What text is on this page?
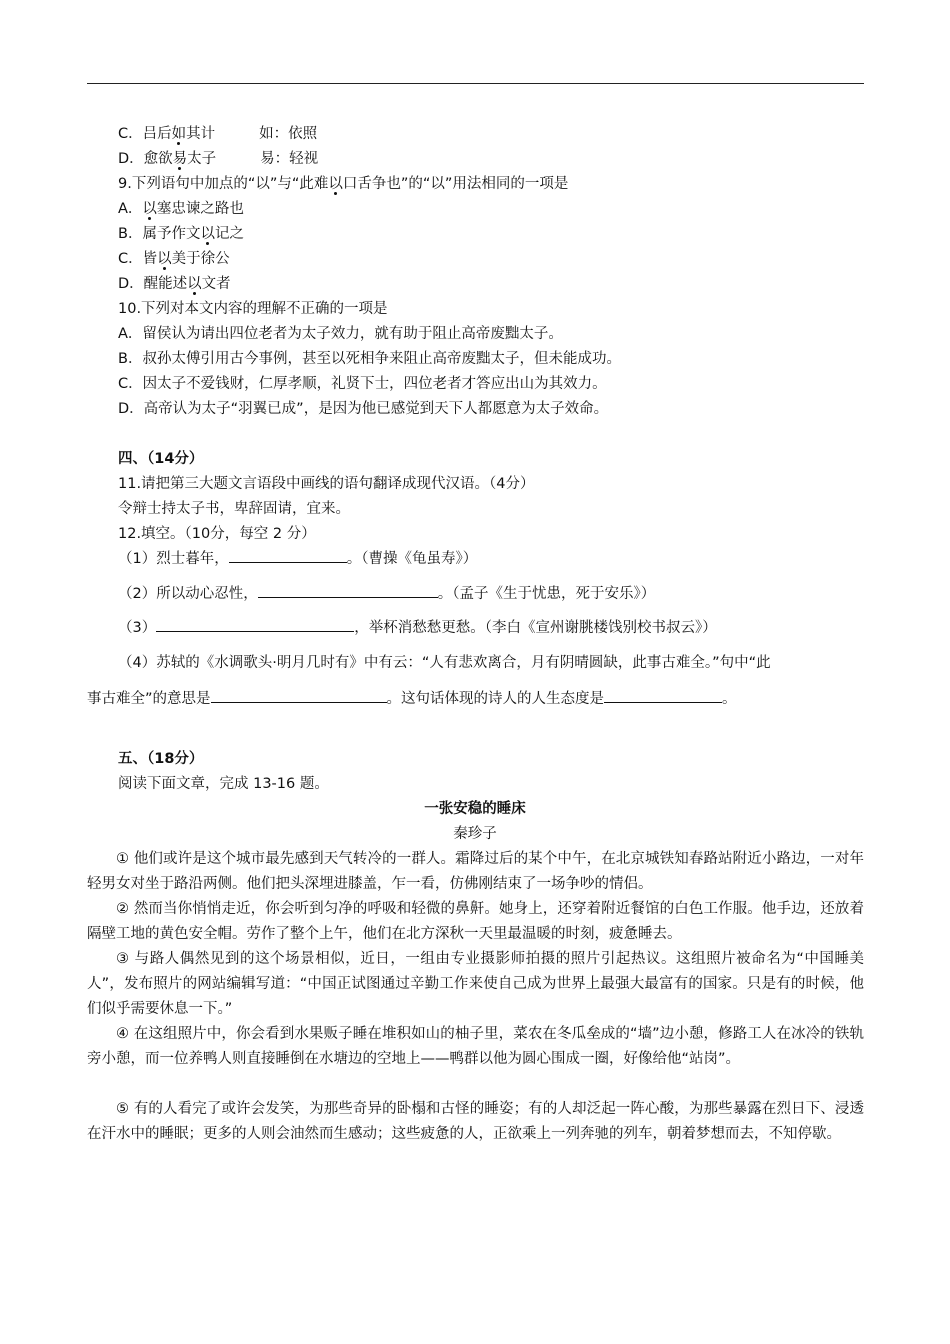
C．吕后如其计	如：依照
D．愈欲易太子	易：轻视
9.下列语句中加点的“以”与“此难以口舌争也”的“以”用法相同的一项是
A．以塞忠谏之路也
B．属予作文以记之
C．皆以美于徐公
D．醒能述以文者
10.下列对本文内容的理解不正确的一项是
A．留侯认为请出四位老者为太子效力，就有助于阻止高帝废黜太子。
B．叔孙太傅引用古今事例，甚至以死相争来阻止高帝废黜太子，但未能成功。
C．因太子不爱钱财，仁厚孝顺，礼贤下士，四位老者才答应出山为其效力。
D．高帝认为太子“羽翼已成”，是因为他已感觉到天下人都愿意为太子效命。
四、（14分）
11.请把第三大题文言语段中画线的语句翻译成现代汉语。（4分）
令辩士持太子书，卑辞固请，宜来。
12.填空。（10分，每空 2 分）
（1）烈士暮年，	。（曹操《龟虽寿》）
（2）所以动心忍性，	。（孟子《生于忧患，死于安乐》）
（3）	，举杯消愁愁更愁。（李白《宣州谢朓楼饯别校书叔云》）
（4）苏轼的《水调歌头·明月几时有》中有云：“人有悲欢离合，月有阴晴圆缺，此事古难全。”句中“此
事古难全”的意思是	。这句话体现的诗人的人生态度是	。
五、（18分）
阅读下面文章，完成 13-16 题。
一张安稳的睡床
秦珍子
① 他们或许是这个城市最先感到天气转冷的一群人。霜降过后的某个中午，在北京城铁知春路站附近小路边，一对年轻男女对坐于路沿两侧。他们把头深埋进膝盖，乍一看，仿佛刚结束了一场争吵的情侣。
② 然而当你悄悄走近，你会听到匀净的呼吸和轻微的鼻鼾。她身上，还穿着附近餐馆的白色工作服。他手边，还放着隔壁工地的黄色安全帽。劳作了整个上午，他们在北方深秋一天里最温暖的时刻，疲惫睡去。
③ 与路人偶然见到的这个场景相似，近日，一组由专业摄影师拍摄的照片引起热议。这组照片被命名为“中国睡美人”，发布照片的网站编辑写道：“中国正试图通过辛勤工作来使自己成为世界上最强大最富有的国家。只是有的时候，他们似乎需要休息一下。”
④ 在这组照片中，你会看到水果贩子睡在堆积如山的柚子里，菜农在冬瓜垒成的“墙”边小憩，修路工人在冰冷的铁轨旁小憩，而一位养鸭人则直接睡倒在水塘边的空地上——鸭群以他为圆心围成一圈，好像给他“站岗”。
⑤ 有的人看完了或许会发笑，为那些奇异的卧榻和古怪的睡姿；有的人却泛起一阵心酸，为那些暴露在烈日下、浸透在汗水中的睡眠；更多的人则会油然而生感动；这些疲惫的人，正欲乘上一列奔驰的列车，朝着梦想而去，不知停歇。
